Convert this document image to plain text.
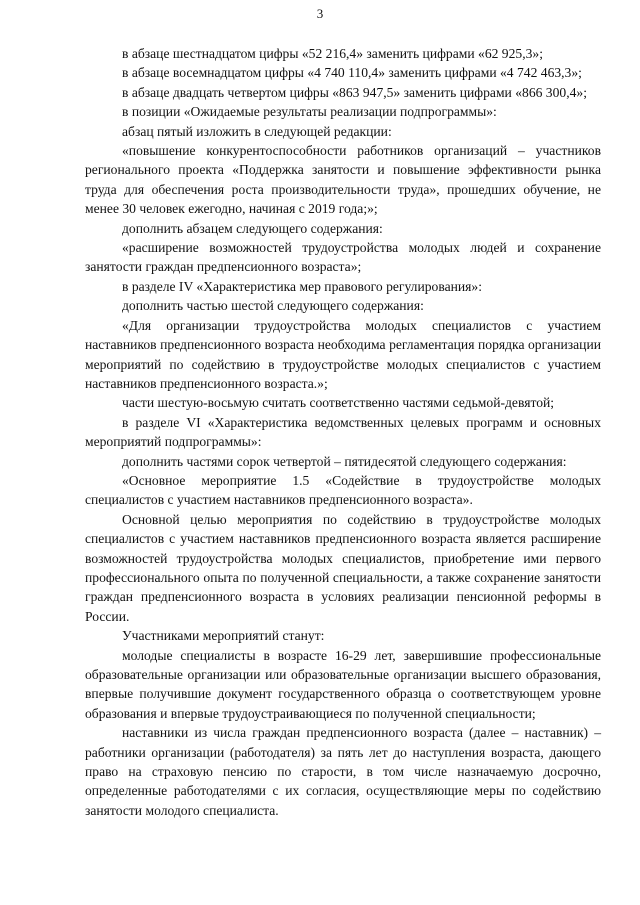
3

в абзаце шестнадцатом цифры «52 216,4» заменить цифрами «62 925,3»;

в абзаце восемнадцатом цифры «4 740 110,4» заменить цифрами «4 742 463,3»;

в абзаце двадцать четвертом цифры «863 947,5» заменить цифрами «866 300,4»;

в позиции «Ожидаемые результаты реализации подпрограммы»:

абзац пятый изложить в следующей редакции:

«повышение конкурентоспособности работников организаций – участников регионального проекта «Поддержка занятости и повышение эффективности рынка труда для обеспечения роста производительности труда», прошедших обучение, не менее 30 человек ежегодно, начиная с 2019 года;»;

дополнить абзацем следующего содержания:

«расширение возможностей трудоустройства молодых людей и сохранение занятости граждан предпенсионного возраста»;

в разделе IV «Характеристика мер правового регулирования»:

дополнить частью шестой следующего содержания:

«Для организации трудоустройства молодых специалистов с участием наставников предпенсионного возраста необходима регламентация порядка организации мероприятий по содействию в трудоустройстве молодых специалистов с участием наставников предпенсионного возраста.»;

части шестую-восьмую считать соответственно частями седьмой-девятой;

в разделе VI «Характеристика ведомственных целевых программ и основных мероприятий подпрограммы»:

дополнить частями сорок четвертой – пятидесятой следующего содержания:

«Основное мероприятие 1.5 «Содействие в трудоустройстве молодых специалистов с участием наставников предпенсионного возраста».

Основной целью мероприятия по содействию в трудоустройстве молодых специалистов с участием наставников предпенсионного возраста является расширение возможностей трудоустройства молодых специалистов, приобретение ими первого профессионального опыта по полученной специальности, а также сохранение занятости граждан предпенсионного возраста в условиях реализации пенсионной реформы в России.

Участниками мероприятий станут:

молодые специалисты в возрасте 16-29 лет, завершившие профессиональные образовательные организации или образовательные организации высшего образования, впервые получившие документ государственного образца о соответствующем уровне образования и впервые трудоустраивающиеся по полученной специальности;

наставники из числа граждан предпенсионного возраста (далее – наставник) – работники организации (работодателя) за пять лет до наступления возраста, дающего право на страховую пенсию по старости, в том числе назначаемую досрочно, определенные работодателями с их согласия, осуществляющие меры по содействию занятости молодого специалиста.
